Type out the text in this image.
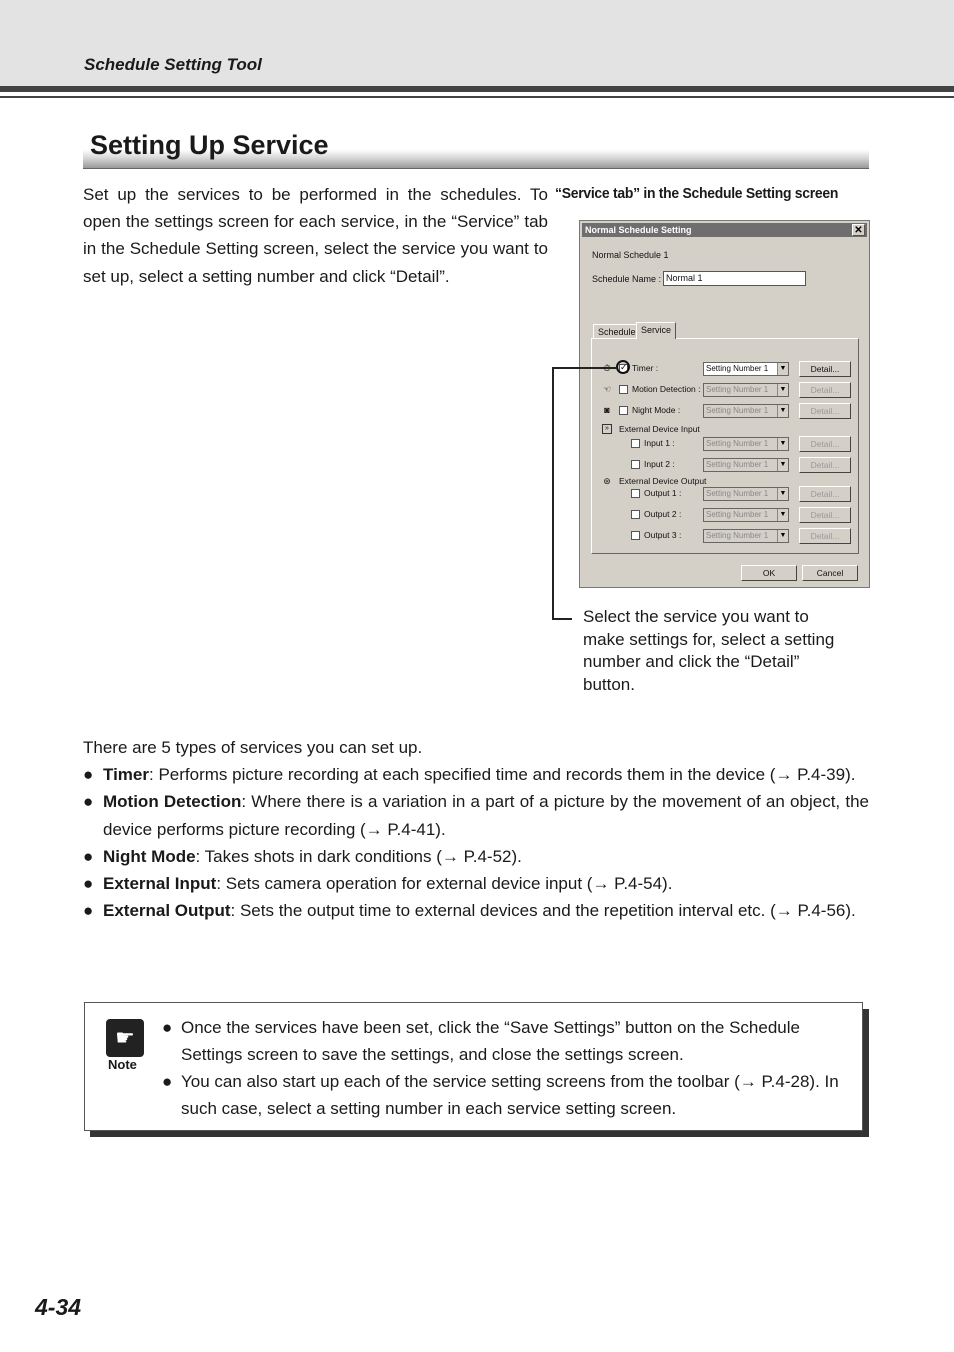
Schedule Setting Tool
Setting Up Service

Set up the services to be performed in the schedules. To open the settings screen for each service, in the “Service” tab in the Schedule Setting screen, select the service you want to set up, select a setting number and click “Detail”.

“Service tab” in the Schedule Setting screen
Normal Schedule Setting	✕
Normal Schedule 1
Schedule Name : Normal 1
Schedule Service
✓ Timer :	Setting Number 1	▼	Detail...
☜ Motion Detection : Setting Number 1	▼	Detail...
◙	Night Mode :	Setting Number 1	▼	Detail...
»	External Device Input
Input 1 :	Setting Number 1	▼	Detail...
Input 2 :	Setting Number 1	▼	Detail...
⊛ External Device Output
Output 1 :	Setting Number 1	▼	Detail...
Output 2 :	Setting Number 1	▼	Detail...
Output 3 :	Setting Number 1	▼	Detail...
OK	Cancel
Select the service you want to make settings for, select a setting number and click the “Detail” button.
There are 5 types of services you can set up.
● Timer: Performs picture recording at each specified time and records them in the device (→ P.4-39).
● Motion Detection: Where there is a variation in a part of a picture by the movement of an object, the device performs picture recording (→ P.4-41).
● Night Mode: Takes shots in dark conditions (→ P.4-52).
● External Input: Sets camera operation for external device input (→ P.4-54).
● External Output: Sets the output time to external devices and the repetition interval etc. (→ P.4-56).
☛
Note
● Once the services have been set, click the “Save Settings” button on the Schedule Settings screen to save the settings, and close the settings screen.
● You can also start up each of the service setting screens from the toolbar (→ P.4-28). In such case, select a setting number in each service setting screen.
4-34
